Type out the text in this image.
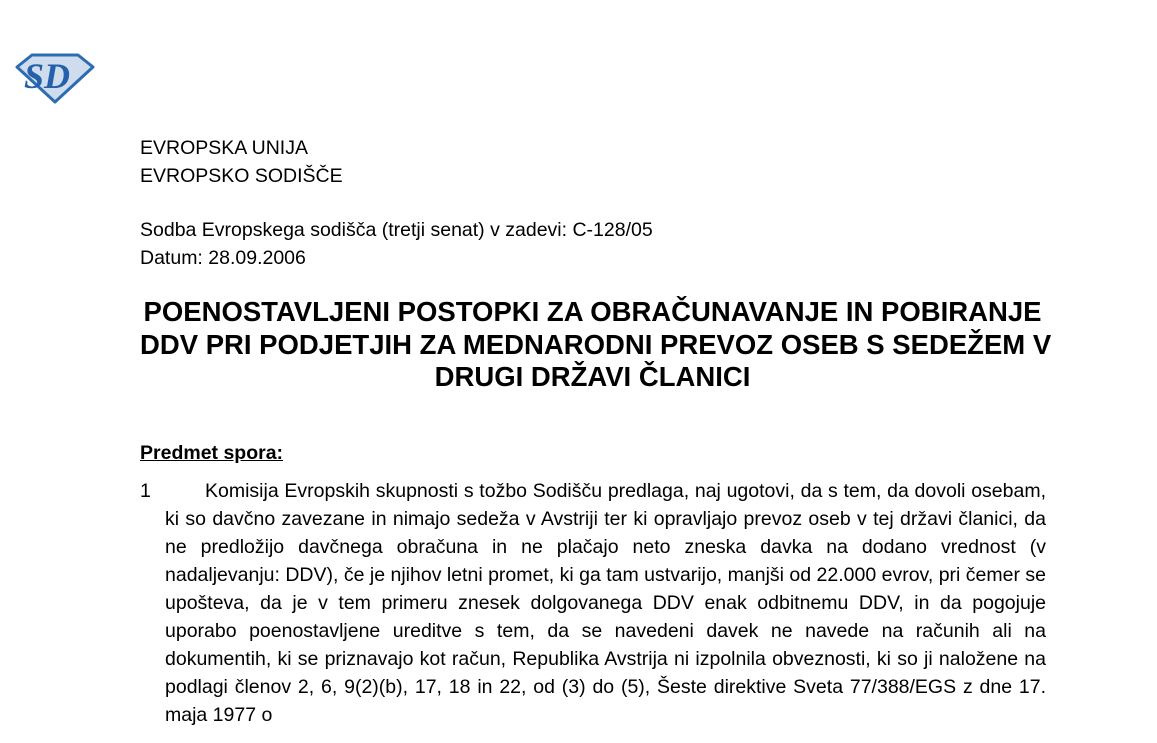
SD
EVROPSKA UNIJA
EVROPSKO SODIŠČE
Sodba Evropskega sodišča (tretji senat) v zadevi: C-128/05
Datum: 28.09.2006
POENOSTAVLJENI POSTOPKI ZA OBRAČUNAVANJE IN POBIRANJE
DDV PRI PODJETJIH ZA MEDNARODNI PREVOZ OSEB S SEDEŽEM V
DRUGI DRŽAVI ČLANICI
Predmet spora:
1	Komisija Evropskih skupnosti s tožbo Sodišču predlaga, naj ugotovi, da s tem, da dovoli osebam, ki so davčno zavezane in nimajo sedeža v Avstriji ter ki opravljajo prevoz oseb v tej državi članici, da ne predložijo davčnega obračuna in ne plačajo neto zneska davka na dodano vrednost (v nadaljevanju: DDV), če je njihov letni promet, ki ga tam ustvarijo, manjši od 22.000 evrov, pri čemer se upošteva, da je v tem primeru znesek dolgovanega DDV enak odbitnemu DDV, in da pogojuje uporabo poenostavljene ureditve s tem, da se navedeni davek ne navede na računih ali na dokumentih, ki se priznavajo kot račun, Republika Avstrija ni izpolnila obveznosti, ki so ji naložene na podlagi členov 2, 6, 9(2)(b), 17, 18 in 22, od (3) do (5), Šeste direktive Sveta 77/388/EGS z dne 17. maja 1977 o
